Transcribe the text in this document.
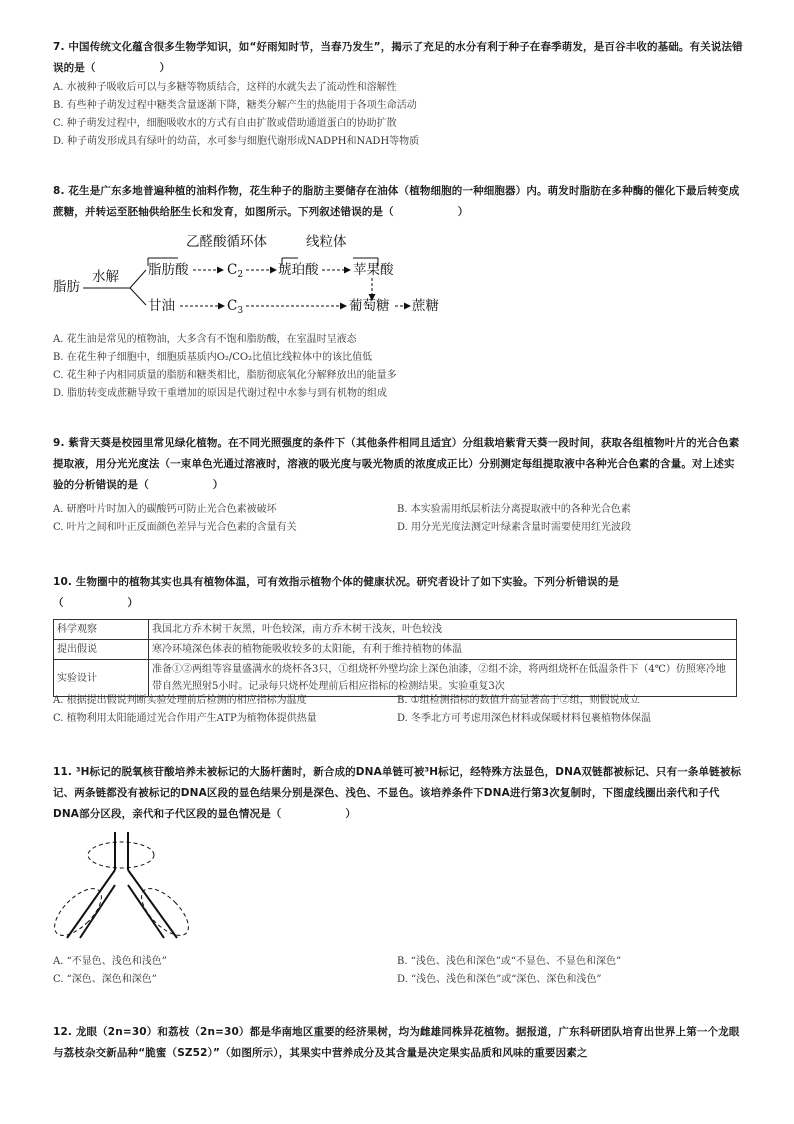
7. 中国传统文化蕴含很多生物学知识，如“好雨知时节，当春乃发生”，揭示了充足的水分有利于种子在春季萌发，是百谷丰收的基础。有关说法错误的是（　　　　　　）

A. 水被种子吸收后可以与多糖等物质结合，这样的水就失去了流动性和溶解性
B. 有些种子萌发过程中糖类含量逐渐下降，糖类分解产生的热能用于各项生命活动
C. 种子萌发过程中，细胞吸收水的方式有自由扩散或借助通道蛋白的协助扩散
D. 种子萌发形成具有绿叶的幼苗，水可参与细胞代谢形成NADPH和NADH等物质

8. 花生是广东多地普遍种植的油料作物，花生种子的脂肪主要储存在油体（植物细胞的一种细胞器）内。萌发时脂肪在多种酶的催化下最后转变成蔗糖，并转运至胚轴供给胚生长和发育，如图所示。下列叙述错误的是（　　　　　　）

乙醛酸循环体	线粒体
脂肪
水解 脂肪酸	$C_2$	琥珀酸	苹果酸
甘油	$C_3$	葡萄糖 蔗糖
A. 花生油是常见的植物油，大多含有不饱和脂肪酸，在室温时呈液态
B. 在花生种子细胞中，细胞质基质内O₂/CO₂比值比线粒体中的该比值低
C. 花生种子内相同质量的脂肪和糖类相比，脂肪彻底氧化分解释放出的能量多
D. 脂肪转变成蔗糖导致干重增加的原因是代谢过程中水参与到有机物的组成

9. 紫背天葵是校园里常见绿化植物。在不同光照强度的条件下（其他条件相同且适宜）分组栽培紫背天葵一段时间，获取各组植物叶片的光合色素提取液，用分光光度法（一束单色光通过溶液时，溶液的吸光度与吸光物质的浓度成正比）分别测定每组提取液中各种光合色素的含量。对上述实验的分析错误的是（　　　　　　）

A. 研磨叶片时加入的碳酸钙可防止光合色素被破坏	B. 本实验需用纸层析法分离提取液中的各种光合色素
C. 叶片之间和叶正反面颜色差异与光合色素的含量有关	D. 用分光光度法测定叶绿素含量时需要使用红光波段

10. 生物圈中的植物其实也具有植物体温，可有效指示植物个体的健康状况。研究者设计了如下实验。下列分析错误的是

（　　　　　　）

科学观察	我国北方乔木树干灰黑，叶色较深，南方乔木树干浅灰，叶色较浅
提出假说	寒冷环境深色体表的植物能吸收较多的太阳能，有利于维持植物的体温
实验设计	准备①②两组等容量盛满水的烧杯各3只，①组烧杯外壁均涂上深色油漆，②组不涂，将两组烧杯在低温条件下（4℃）仿照寒冷地带自然光照射5小时。记录每只烧杯处理前后相应指标的检测结果。实验重复3次
A. 根据提出假说判断实验处理前后检测的相应指标为温度	B. ①组检测指标的数值升高显著高于②组，则假说成立
C. 植物利用太阳能通过光合作用产生ATP为植物体提供热量	D. 冬季北方可考虑用深色材料或保暖材料包裹植物体保温

11. ³H标记的脱氧核苷酸培养未被标记的大肠杆菌时，新合成的DNA单链可被³H标记，经特殊方法显色，DNA双链都被标记、只有一条单链被标记、两条链都没有被标记的DNA区段的显色结果分别是深色、浅色、不显色。该培养条件下DNA进行第3次复制时，下图虚线圈出亲代和子代DNA部分区段，亲代和子代区段的显色情况是（　　　　　　）

A. “不显色、浅色和浅色”	B. “浅色、浅色和深色”或“不显色、不显色和深色”
C. “深色、深色和深色”	D. “浅色、浅色和深色”或“深色、深色和浅色”

12. 龙眼（2n=30）和荔枝（2n=30）都是华南地区重要的经济果树，均为雌雄同株异花植物。据报道，广东科研团队培育出世界上第一个龙眼与荔枝杂交新品种“脆蜜（SZ52）”（如图所示），其果实中营养成分及其含量是决定果实品质和风味的重要因素之
